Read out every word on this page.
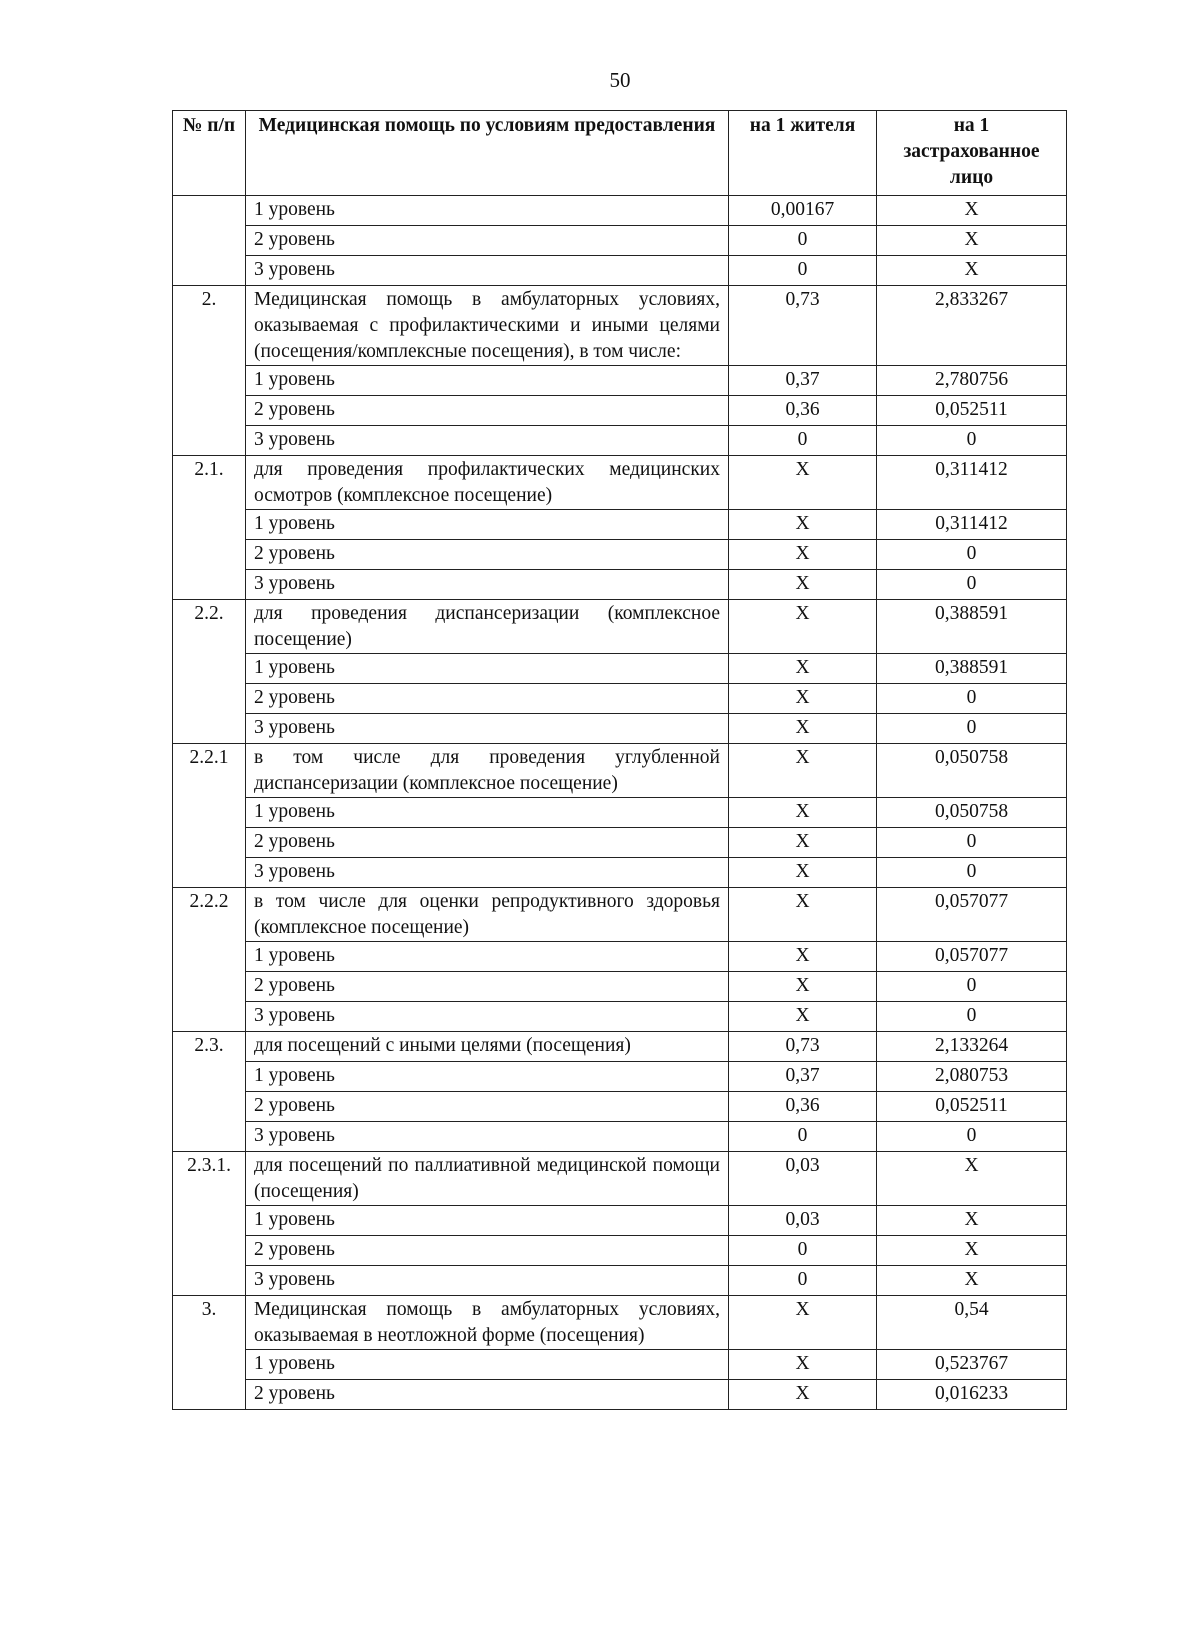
50
№ п/п	Медицинская помощь по условиям предоставления	на 1 жителя	на 1 застрахованное лицо
	1 уровень	0,00167	X
	2 уровень	0	X
	3 уровень	0	X
2.	Медицинская помощь в амбулаторных условиях, оказываемая с профилактическими и иными целями (посещения/комплексные посещения), в том числе:	0,73	2,833267
	1 уровень	0,37	2,780756
	2 уровень	0,36	0,052511
	3 уровень	0	0
2.1.	для проведения профилактических медицинских осмотров (комплексное посещение)	X	0,311412
	1 уровень	X	0,311412
	2 уровень	X	0
	3 уровень	X	0
2.2.	для проведения диспансеризации (комплексное посещение)	X	0,388591
	1 уровень	X	0,388591
	2 уровень	X	0
	3 уровень	X	0
2.2.1	в том числе для проведения углубленной диспансеризации (комплексное посещение)	X	0,050758
	1 уровень	X	0,050758
	2 уровень	X	0
	3 уровень	X	0
2.2.2	в том числе для оценки репродуктивного здоровья (комплексное посещение)	X	0,057077
	1 уровень	X	0,057077
	2 уровень	X	0
	3 уровень	X	0
2.3.	для посещений с иными целями (посещения)	0,73	2,133264
	1 уровень	0,37	2,080753
	2 уровень	0,36	0,052511
	3 уровень	0	0
2.3.1.	для посещений по паллиативной медицинской помощи (посещения)	0,03	X
	1 уровень	0,03	X
	2 уровень	0	X
	3 уровень	0	X
3.	Медицинская помощь в амбулаторных условиях, оказываемая в неотложной форме (посещения)	X	0,54
	1 уровень	X	0,523767
	2 уровень	X	0,016233
